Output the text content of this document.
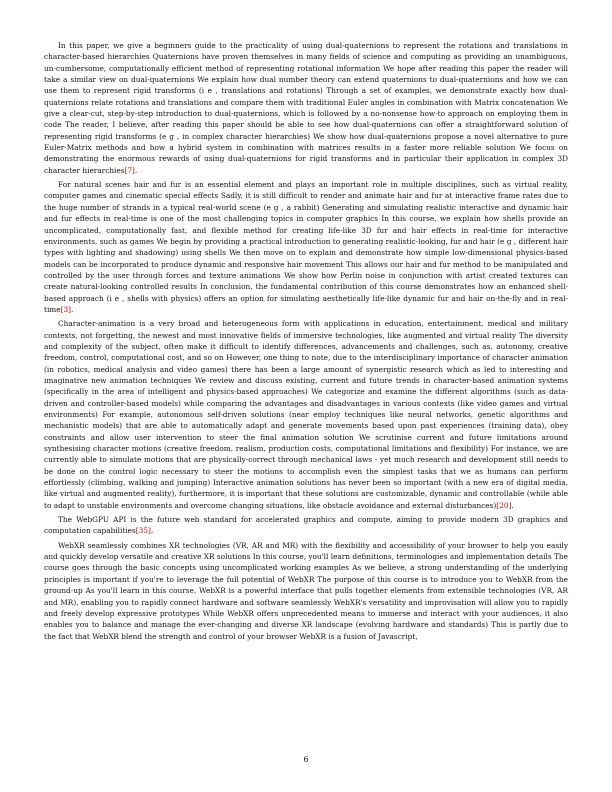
In this paper, we give a beginners guide to the practicality of using dual-quaternions to represent the rotations and translations in character-based hierarchies Quaternions have proven themselves in many fields of science and computing as providing an unambiguous, un-cumbersome, computationally efficient method of representing rotational information We hope after reading this paper the reader will take a similar view on dual-quaternions We explain how dual number theory can extend quaternions to dual-quaternions and how we can use them to represent rigid transforms (i e , translations and rotations) Through a set of examples, we demonstrate exactly how dual-quaternions relate rotations and translations and compare them with traditional Euler angles in combination with Matrix concatenation We give a clear-cut, step-by-step introduction to dual-quaternions, which is followed by a no-nonsense how-to approach on employing them in code The reader, I believe, after reading this paper should be able to see how dual-quaternions can offer a straightforward solution of representing rigid transforms (e g , in complex character hierarchies) We show how dual-quaternions propose a novel alternative to pure Euler-Matrix methods and how a hybrid system in combination with matrices results in a faster more reliable solution We focus on demonstrating the enormous rewards of using dual-quaternions for rigid transforms and in particular their application in complex 3D character hierarchies[7].

For natural scenes hair and fur is an essential element and plays an important role in multiple disciplines, such as virtual reality, computer games and cinematic special effects Sadly, it is still difficult to render and animate hair and fur at interactive frame rates due to the huge number of strands in a typical real-world scene (e g , a rabbit) Generating and simulating realistic interactive and dynamic hair and fur effects in real-time is one of the most challenging topics in computer graphics In this course, we explain how shells provide an uncomplicated, computationally fast, and flexible method for creating life-like 3D fur and hair effects in real-time for interactive environments, such as games We begin by providing a practical introduction to generating realistic-looking, fur and hair (e g , different hair types with lighting and shadowing) using shells We then move on to explain and demonstrate how simple low-dimensional physics-based models can be incorporated to produce dynamic and responsive hair movement This allows our hair and fur method to be manipulated and controlled by the user through forces and texture animations We show how Perlin noise in conjunction with artist created textures can create natural-looking controlled results In conclusion, the fundamental contribution of this course demonstrates how an enhanced shell-based approach (i e , shells with physics) offers an option for simulating aesthetically life-like dynamic fur and hair on-the-fly and in real-time[3].

Character-animation is a very broad and heterogeneous form with applications in education, entertainment, medical and military contexts, not forgetting, the newest and most innovative fields of immersive technologies, like augmented and virtual reality The diversity and complexity of the subject, often make it difficult to identify differences, advancements and challenges, such as, autonomy, creative freedom, control, computational cost, and so on However, one thing to note, due to the interdisciplinary importance of character animation (in robotics, medical analysis and video games) there has been a large amount of synergistic research which as led to interesting and imaginative new animation techniques We review and discuss existing, current and future trends in character-based animation systems (specifically in the area of intelligent and physics-based approaches) We categorize and examine the different algorithms (such as data-driven and controller-based models) while comparing the advantages and disadvantages in various contexts (like video games and virtual environments) For example, autonomous self-driven solutions (near employ techniques like neural networks, genetic algorithms and mechanistic models) that are able to automatically adapt and generate movements based upon past experiences (training data), obey constraints and allow user intervention to steer the final animation solution We scrutinise current and future limitations around synthesising character motions (creative freedom, realism, production costs, computational limitations and flexibility) For instance, we are currently able to simulate motions that are physically-correct through mechanical laws - yet much research and development still needs to be done on the control logic necessary to steer the motions to accomplish even the simplest tasks that we as humans can perform effortlessly (climbing, walking and jumping) Interactive animation solutions has never been so important (with a new era of digital media, like virtual and augmented reality), furthermore, it is important that these solutions are customizable, dynamic and controllable (while able to adapt to unstable environments and overcome changing situations, like obstacle avoidance and external disturbances)[20].

The WebGPU API is the future web standard for accelerated graphics and compute, aiming to provide modern 3D graphics and computation capabilities[35].

WebXR seamlessly combines XR technologies (VR, AR and MR) with the flexibility and accessibility of your browser to help you easily and quickly develop versatile and creative XR solutions In this course, you'll learn definitions, terminologies and implementation details The course goes through the basic concepts using uncomplicated working examples As we believe, a strong understanding of the underlying principles is important if you're to leverage the full potential of WebXR The purpose of this course is to introduce you to WebXR from the ground-up As you'll learn in this course, WebXR is a powerful interface that pulls together elements from extensible technologies (VR, AR and MR), enabling you to rapidly connect hardware and software seamlessly WebXR's versatility and improvisation will allow you to rapidly and freely develop expressive prototypes While WebXR offers unprecedented means to immerse and interact with your audiences, it also enables you to balance and manage the ever-changing and diverse XR landscape (evolving hardware and standards) This is partly due to the fact that WebXR blend the strength and control of your browser WebXR is a fusion of Javascript,

6
